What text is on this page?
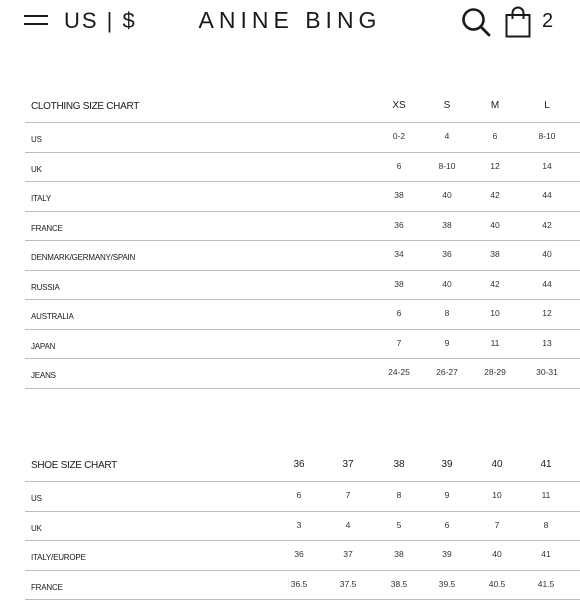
US | $	ANINE BING	2
CLOTHING SIZE CHART	XS	S	M	L
US	0-2	4	6	8-10
UK	6	8-10	12	14
ITALY	38	40	42	44
FRANCE	36	38	40	42
DENMARK/GERMANY/SPAIN	34	36	38	40
RUSSIA	38	40	42	44
AUSTRALIA	6	8	10	12
JAPAN	7	9	11	13
JEANS	24-25	26-27	28-29	30-31
SHOE SIZE CHART	36	37	38	39	40	41
US	6	7	8	9	10	11
UK	3	4	5	6	7	8
ITALY/EUROPE	36	37	38	39	40	41
FRANCE	36.5	37.5	38.5	39.5	40.5	41.5
